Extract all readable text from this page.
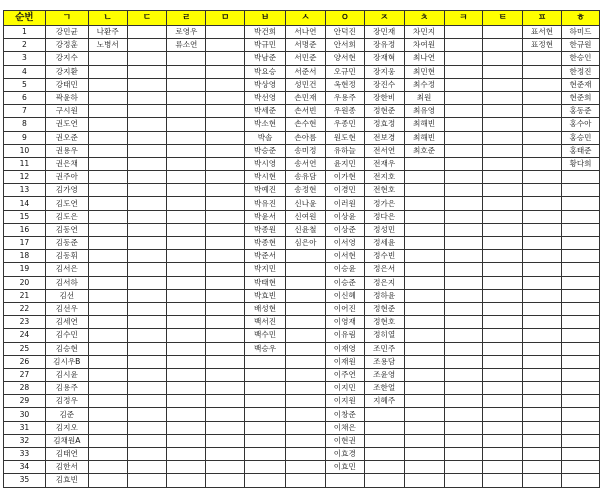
순번	ㄱ	ㄴ	ㄷ	ㄹ	ㅁ	ㅂ	ㅅ	ㅇ	ㅈ	ㅊ	ㅋ	ㅌ	ㅍ	ㅎ
1	강민균	나환주		로영우		박건희	서나연	안덕진	장민재	차민지			표서현	하미드
2	강정훈	노병서		류소연		박규민	서명준	안서희	장유정	차여원			표정현	한규원
3	강지수					박남준	서민준	양서현	장재혁	최나연				한승인
4	강지환					박요승	서준서	오규민	장지웅	최민현				한정진
5	강태민					박상영	성민건	옥현정	장진수	최수정				현준재
6	곽윤하					박선영	손민재	우용주	장한비	최원				현준희
7	구시원					박세준	손서빈	우원종	정현준	최유영				홍동준
8	권도연					박소현	손수현	우종민	정효정	최해빈				홍수아
9	권오준					박솔	손아름	원도현	전보경	최해빈				홍승민
10	권용우					박승준	송미정	유하늘	전서연	최호준				홍태준
11	권은채					박시영	송서연	윤지민	전재우					황다희
12	권주아					박시현	송유담	이가현	전지호					
13	김가영					박예진	송정현	이경민	전현호					
14	김도연					박유진	신나윤	이러원	정가은					
15	김도은					박윤서	신여원	이상윤	정다은					
16	김동연					박종원	신윤철	이상준	정성민					
17	김동준					박종현	심은아	이서영	정세윤					
18	김동휘					박준서		이서현	정수빈					
19	김서은					박지민		이승윤	정은서					
20	김서하					박태현		이승준	정은지					
21	김선					박효빈		이신혜	정하윤					
22	김선우					배성현		이어진	정현준					
23	김세연					백서진		이영재	정현호					
24	김수민					백수민		이유림	정히열					
25	김승현					백승우		이재영	조민주					
26	김시우B							이재원	조용담					
27	김시윤							이주연	조윤영					
28	김용주							이지민	조한얼					
29	김정우							이지원	지혜주					
30	김준							이창준						
31	김지오							이채은						
32	김채원A							이현권						
33	김태연							이효경						
34	김한서							이효민						
35	김효빈													
